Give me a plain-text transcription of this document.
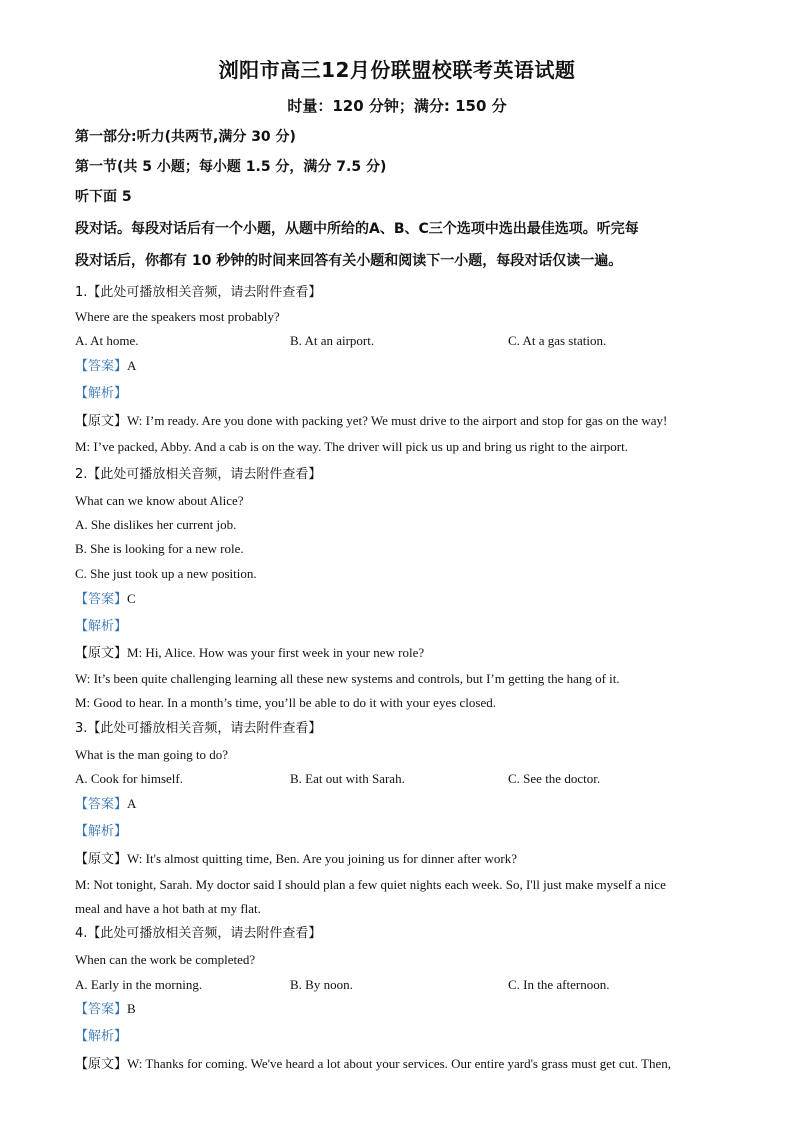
浏阳市高三12月份联盟校联考英语试题
时量：120 分钟；满分: 150 分
第一部分:听力(共两节,满分 30 分)
第一节(共 5 小题；每小题 1.5 分，满分 7.5 分)
听下面 5
段对话。每段对话后有一个小题，从题中所给的A、B、C三个选项中选出最佳选项。听完每
段对话后，你都有 10 秒钟的时间来回答有关小题和阅读下一小题，每段对话仅读一遍。
1.【此处可播放相关音频，请去附件查看】
Where are the speakers most probably?
A. At home.	B. At an airport.	C. At a gas station.
【答案】A
【解析】
【原文】W: I’m ready. Are you done with packing yet? We must drive to the airport and stop for gas on the way!
M: I’ve packed, Abby. And a cab is on the way. The driver will pick us up and bring us right to the airport.
2.【此处可播放相关音频，请去附件查看】
What can we know about Alice?
A. She dislikes her current job.
B. She is looking for a new role.
C. She just took up a new position.
【答案】C
【解析】
【原文】M: Hi, Alice. How was your first week in your new role?
W: It’s been quite challenging learning all these new systems and controls, but I’m getting the hang of it.
M: Good to hear. In a month’s time, you’ll be able to do it with your eyes closed.
3.【此处可播放相关音频，请去附件查看】
What is the man going to do?
A. Cook for himself.	B. Eat out with Sarah.	C. See the doctor.
【答案】A
【解析】
【原文】W: It's almost quitting time, Ben. Are you joining us for dinner after work?
M: Not tonight, Sarah. My doctor said I should plan a few quiet nights each week. So, I'll just make myself a nice
meal and have a hot bath at my flat.
4.【此处可播放相关音频，请去附件查看】
When can the work be completed?
A. Early in the morning.	B. By noon.	C. In the afternoon.
【答案】B
【解析】
【原文】W: Thanks for coming. We've heard a lot about your services. Our entire yard's grass must get cut. Then,
